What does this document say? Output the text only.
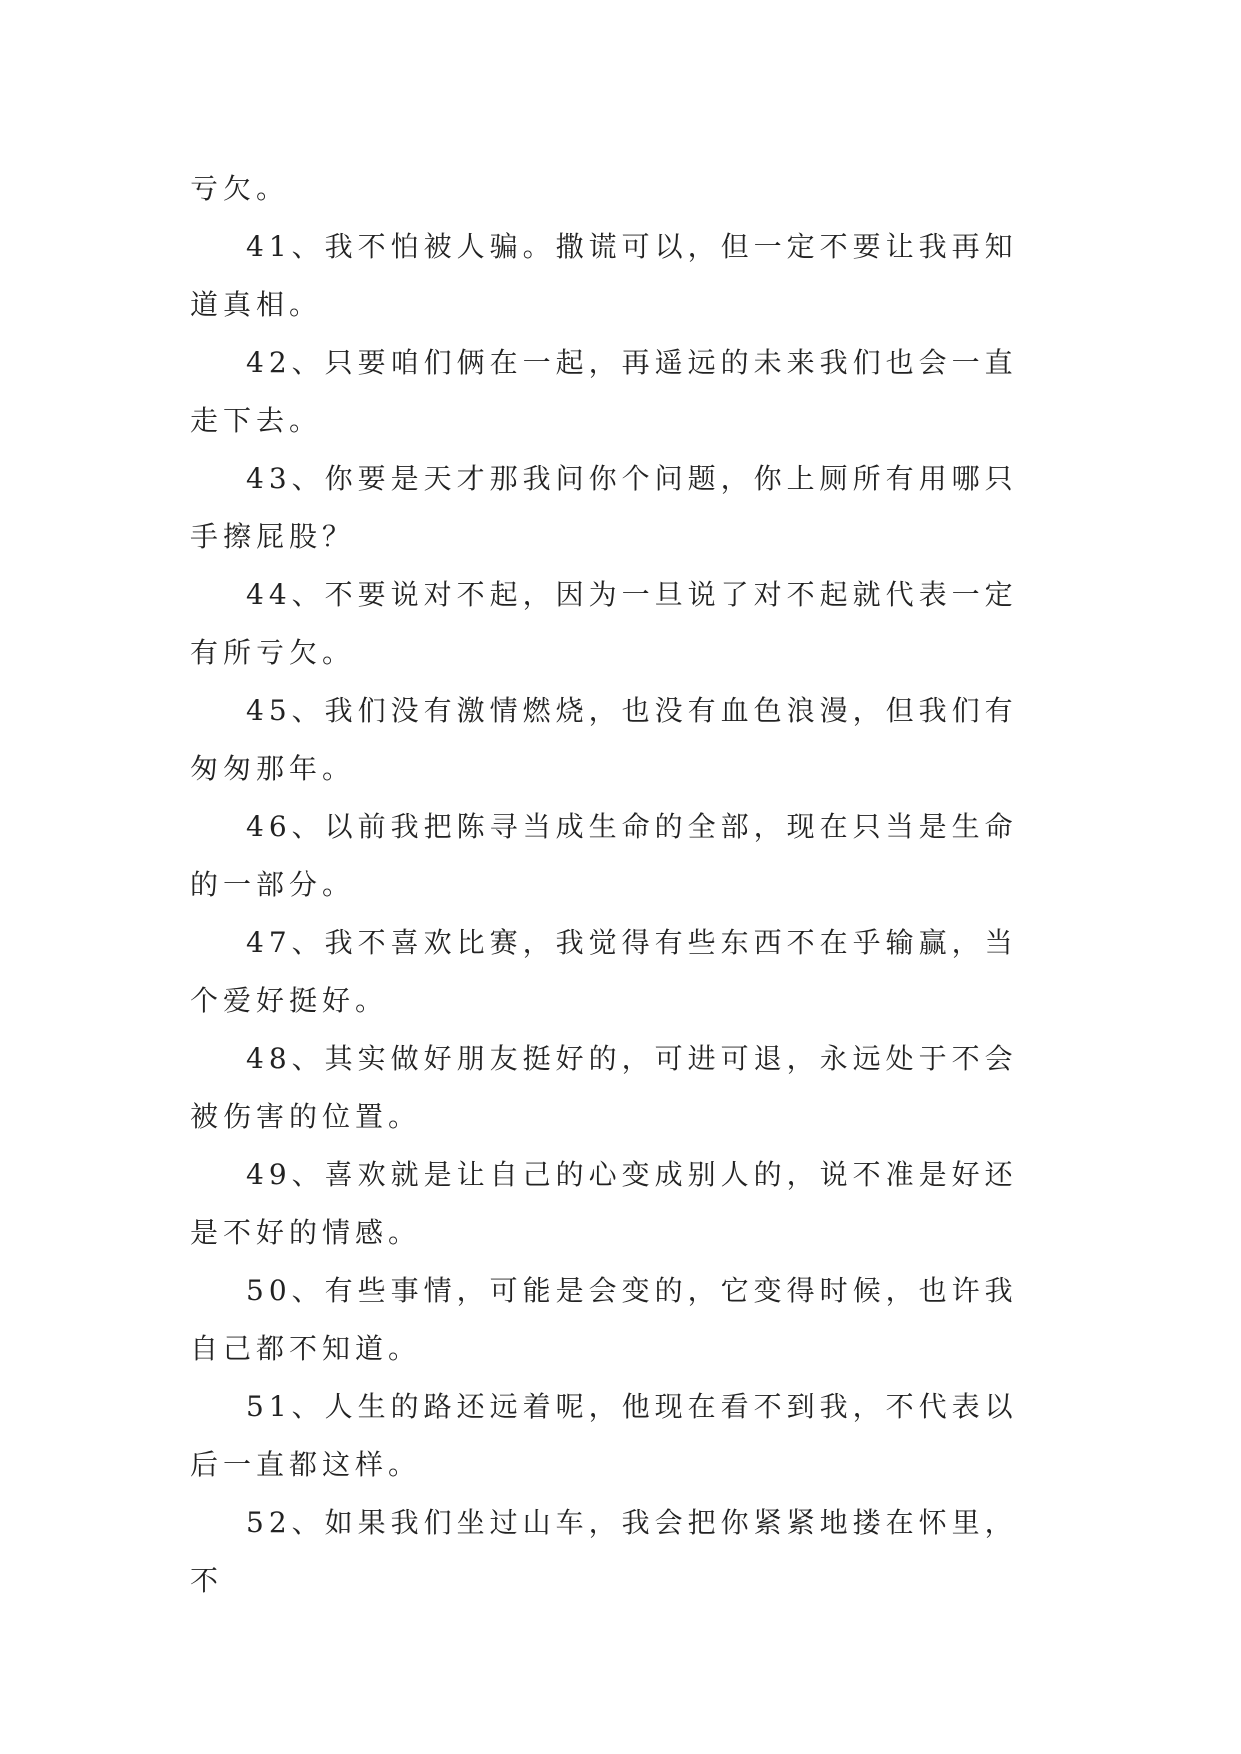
亏欠。

41、我不怕被人骗。撒谎可以，但一定不要让我再知道真相。

42、只要咱们俩在一起，再遥远的未来我们也会一直走下去。

43、你要是天才那我问你个问题，你上厕所有用哪只手擦屁股？

44、不要说对不起，因为一旦说了对不起就代表一定有所亏欠。

45、我们没有激情燃烧，也没有血色浪漫，但我们有匆匆那年。

46、以前我把陈寻当成生命的全部，现在只当是生命的一部分。

47、我不喜欢比赛，我觉得有些东西不在乎输赢，当个爱好挺好。

48、其实做好朋友挺好的，可进可退，永远处于不会被伤害的位置。

49、喜欢就是让自己的心变成别人的，说不准是好还是不好的情感。

50、有些事情，可能是会变的，它变得时候，也许我自己都不知道。

51、人生的路还远着呢，他现在看不到我，不代表以后一直都这样。

52、如果我们坐过山车，我会把你紧紧地搂在怀里，不
